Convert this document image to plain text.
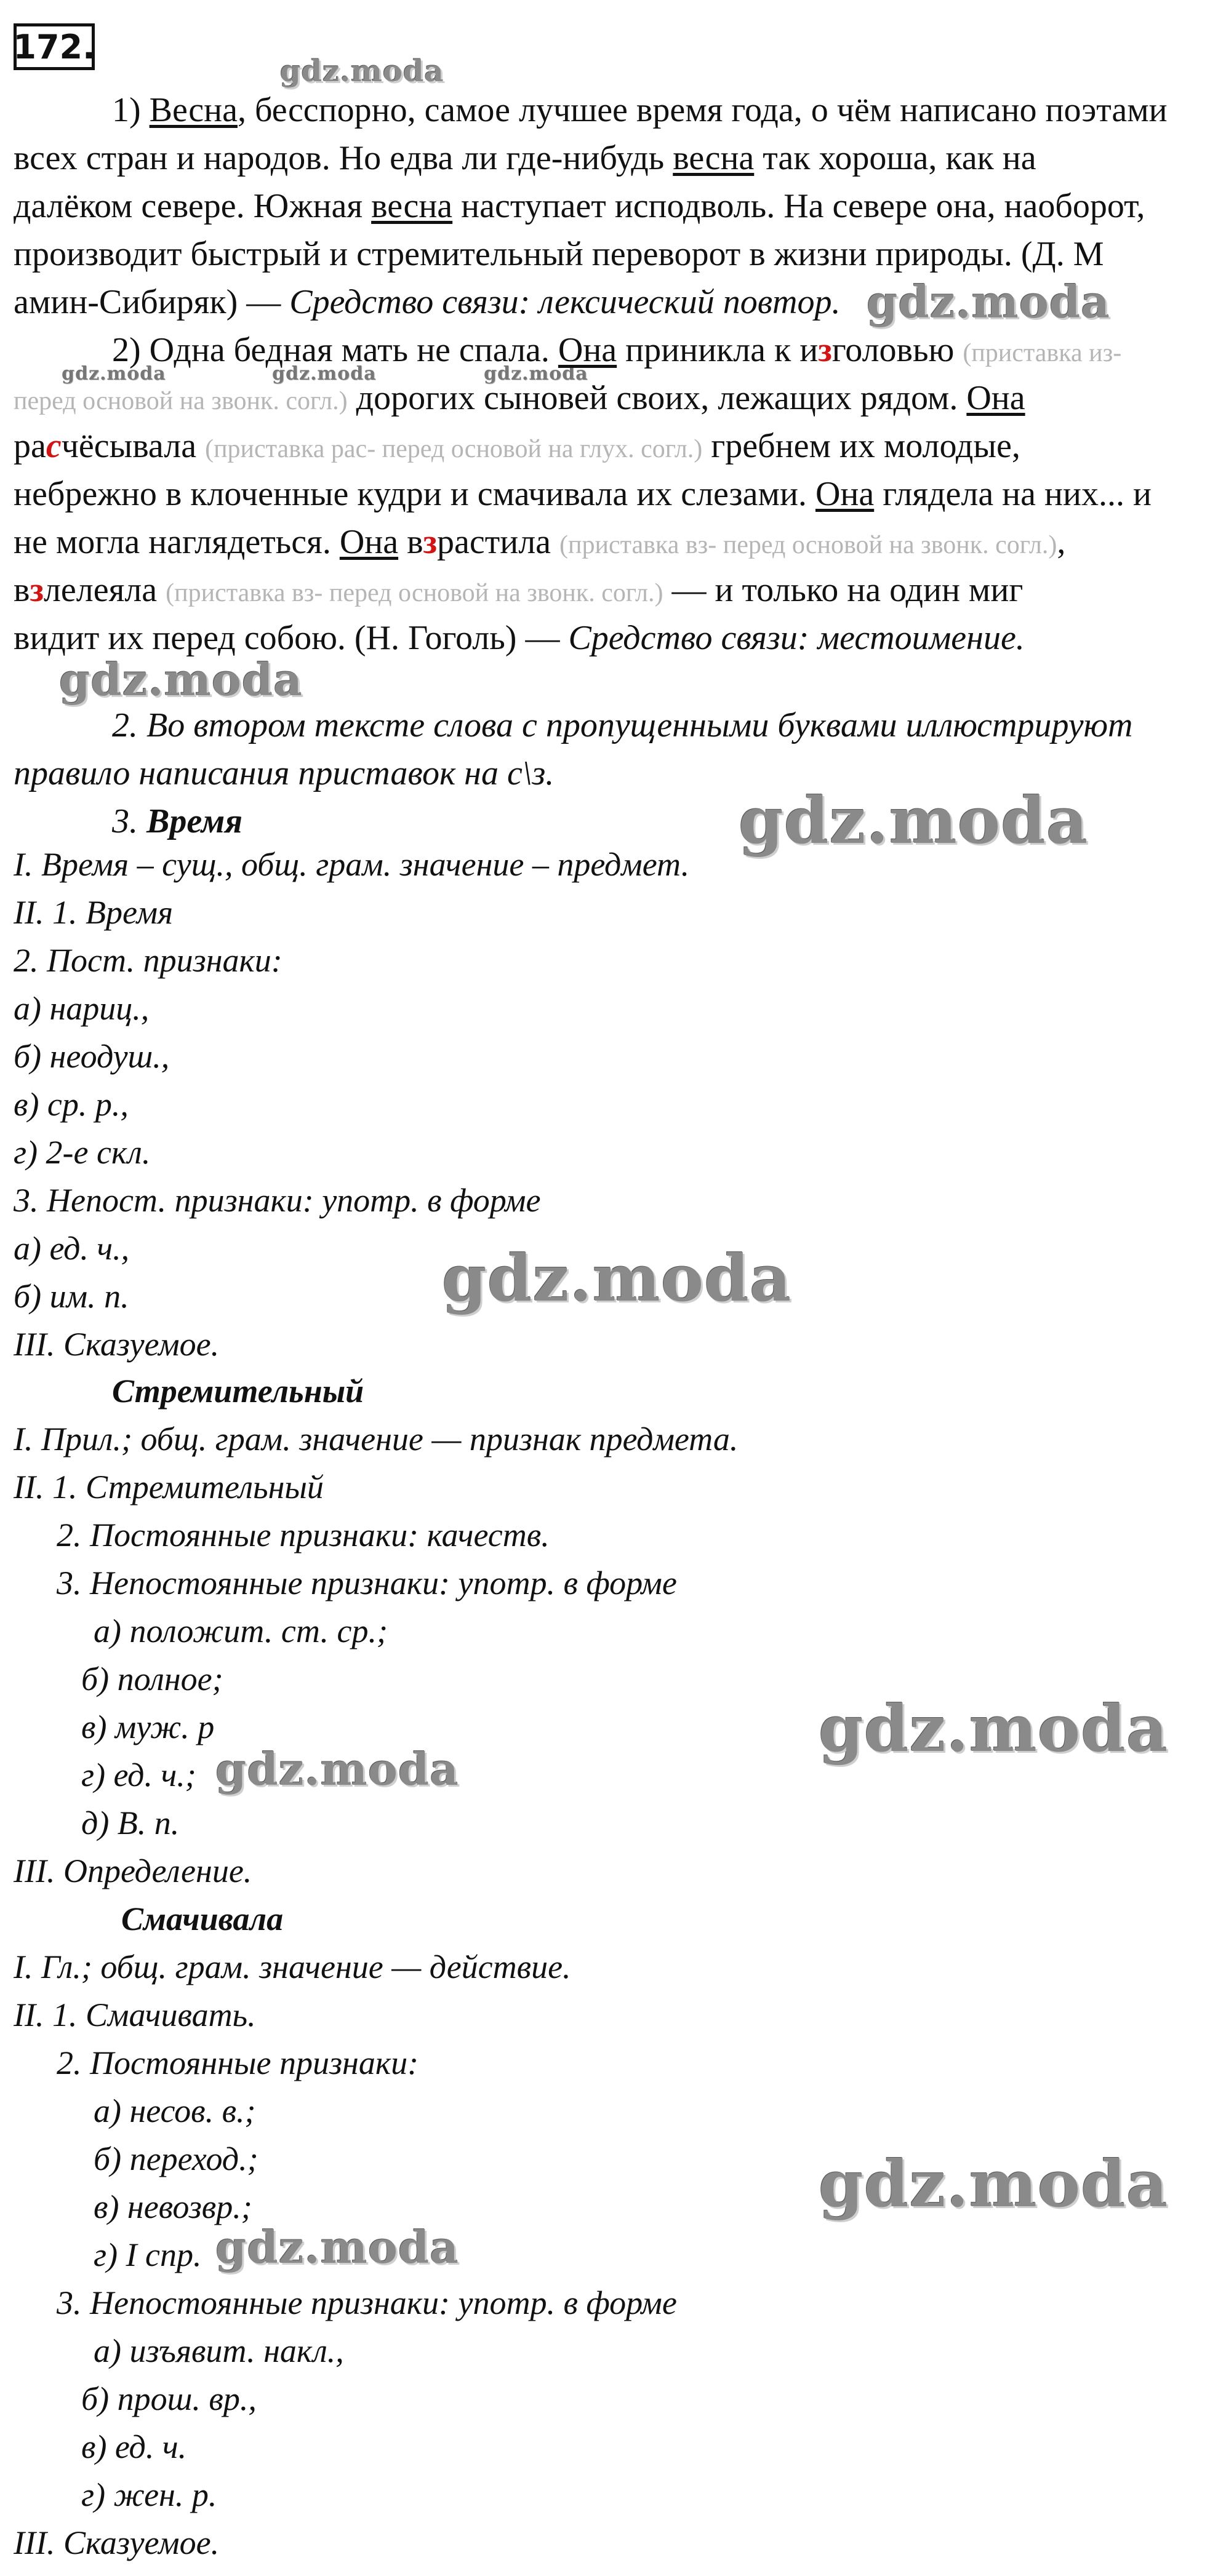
172.
gdz.moda
gdz.moda
gdz.moda	gdz.moda	gdz.moda
gdz.moda
gdz.moda
gdz.moda
gdz.moda
gdz.moda
gdz.moda
gdz.moda
1) Весна, бесспорно, самое лучшее время года, о чём написано поэтами
всех стран и народов. Но едва ли где-нибудь весна так хороша, как на
далёком севере. Южная весна наступает исподволь. На севере она, наоборот,
производит быстрый и стремительный переворот в жизни природы. (Д. М
амин-Сибиряк) — Средство связи: лексический повтор.
2) Одна бедная мать не спала. Она приникла к изголовью (приставка из-
перед основой на звонк. согл.) дорогих сыновей своих, лежащих рядом. Она
расчёсывала (приставка рас- перед основой на глух. согл.) гребнем их молодые,
небрежно в клоченные кудри и смачивала их слезами. Она глядела на них... и
не могла наглядеться. Она взрастила (приставка вз- перед основой на звонк. согл.),
взлелеяла (приставка вз- перед основой на звонк. согл.) — и только на один миг
видит их перед собою. (Н. Гоголь) — Средство связи: местоимение.
2. Во втором тексте слова с пропущенными буквами иллюстрируют
правило написания приставок на с\з.
3. Время
I. Время – сущ., общ. грам. значение – предмет.
II. 1. Время
2. Пост. признаки:
а) нариц.,
б) неодуш.,
в) ср. р.,
г) 2-е скл.
3. Непост. признаки: употр. в форме
а) ед. ч.,
б) им. п.
III. Сказуемое.
Стремительный
I. Прил.; общ. грам. значение — признак предмета.
II. 1. Стремительный
2. Постоянные признаки: качеств.
3. Непостоянные признаки: употр. в форме
а) положит. ст. ср.;
б) полное;
в) муж. р
г) ед. ч.;
д) В. п.
III. Определение.
Смачивала
I. Гл.; общ. грам. значение — действие.
II. 1. Смачивать.
2. Постоянные признаки:
а) несов. в.;
б) переход.;
в) невозвр.;
г) I спр.
3. Непостоянные признаки: употр. в форме
а) изъявит. накл.,
б) прош. вр.,
в) ед. ч.
г) жен. р.
III. Сказуемое.
